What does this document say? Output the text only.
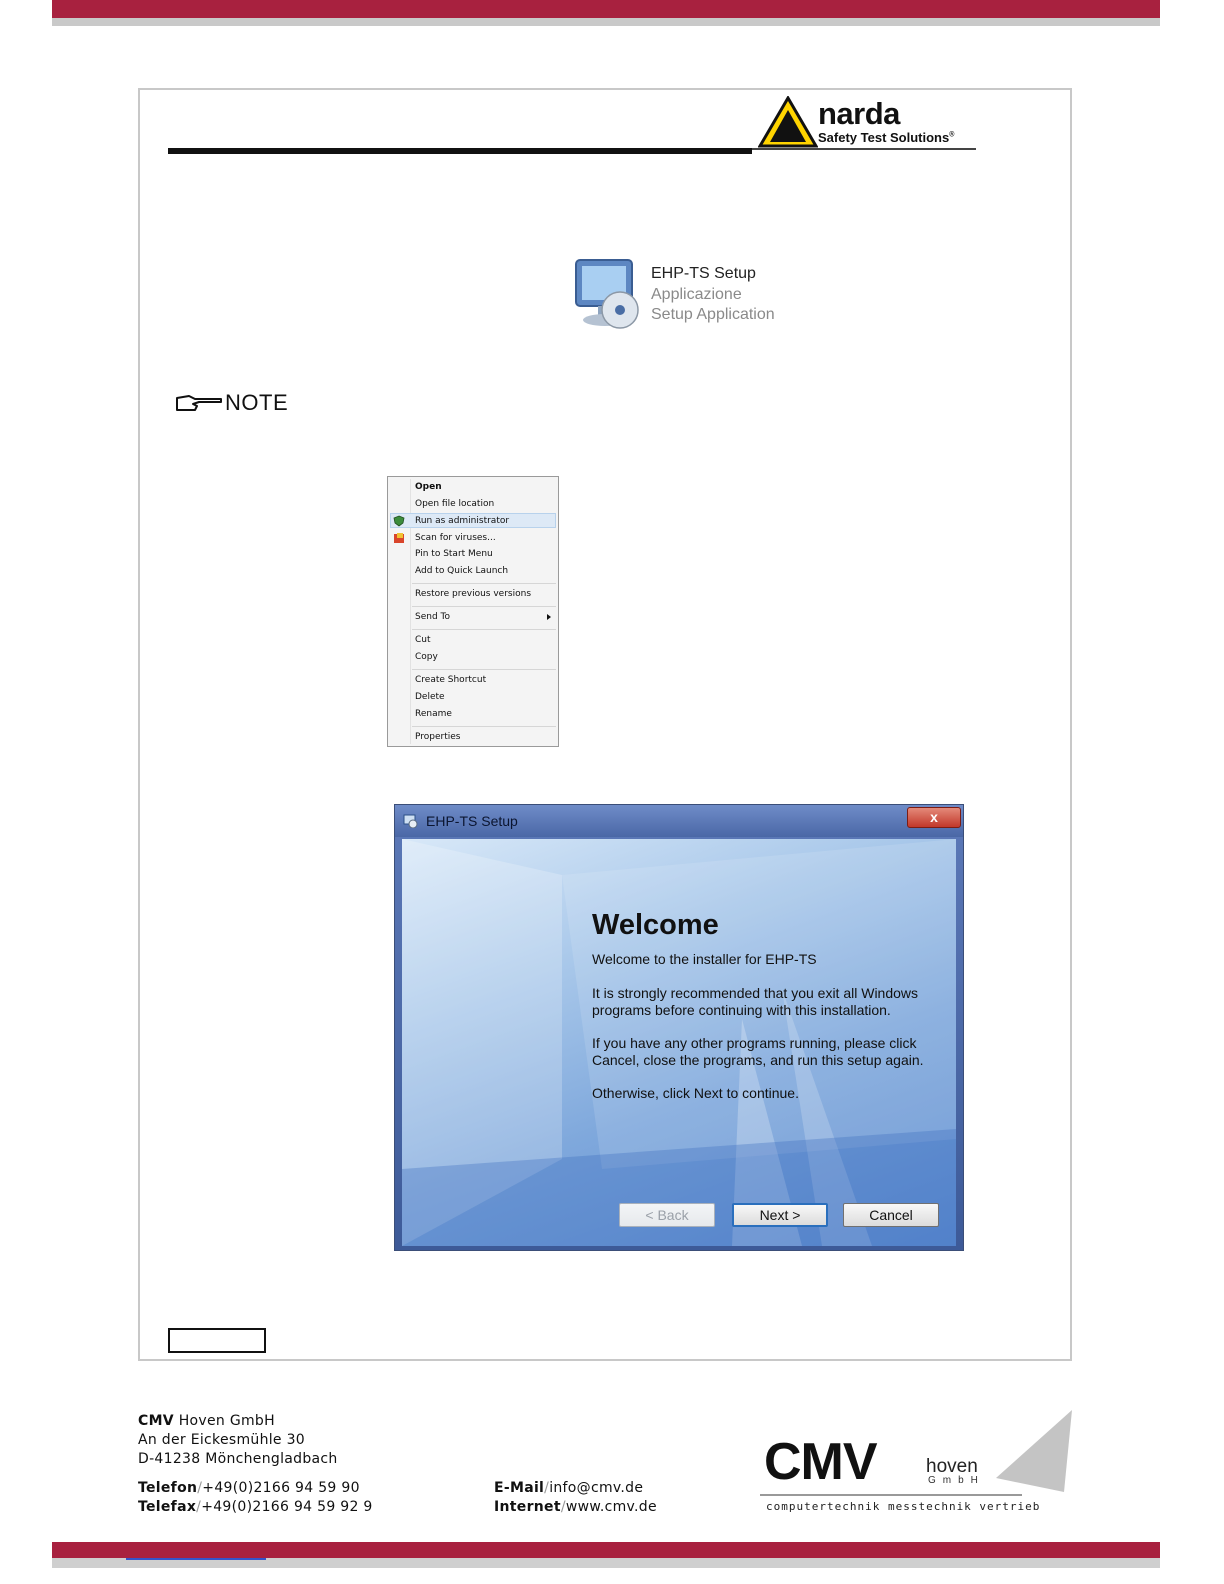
narda
Safety Test Solutions®
EHP-TS Setup
Applicazione
Setup Application
NOTE
Open
Open file location
Run as administrator
Scan for viruses...
Pin to Start Menu
Add to Quick Launch
Restore previous versions
Send To
Cut
Copy
Create Shortcut
Delete
Rename
Properties
EHP-TS Setup	x
Welcome
Welcome to the installer for EHP-TS
It is strongly recommended that you exit all Windows
programs before continuing with this installation.
If you have any other programs running, please click
Cancel, close the programs, and run this setup again.
Otherwise, click Next to continue.
< Back	Next >	Cancel
CMV Hoven GmbH
An der Eickesmühle 30
D-41238 Mönchengladbach
Telefon/+49(0)2166 94 59 90
Telefax/+49(0)2166 94 59 92 9
E-Mail/info@cmv.de
Internet/www.cmv.de
CMV	hoven
GmbH
computertechnik messtechnik vertrieb
